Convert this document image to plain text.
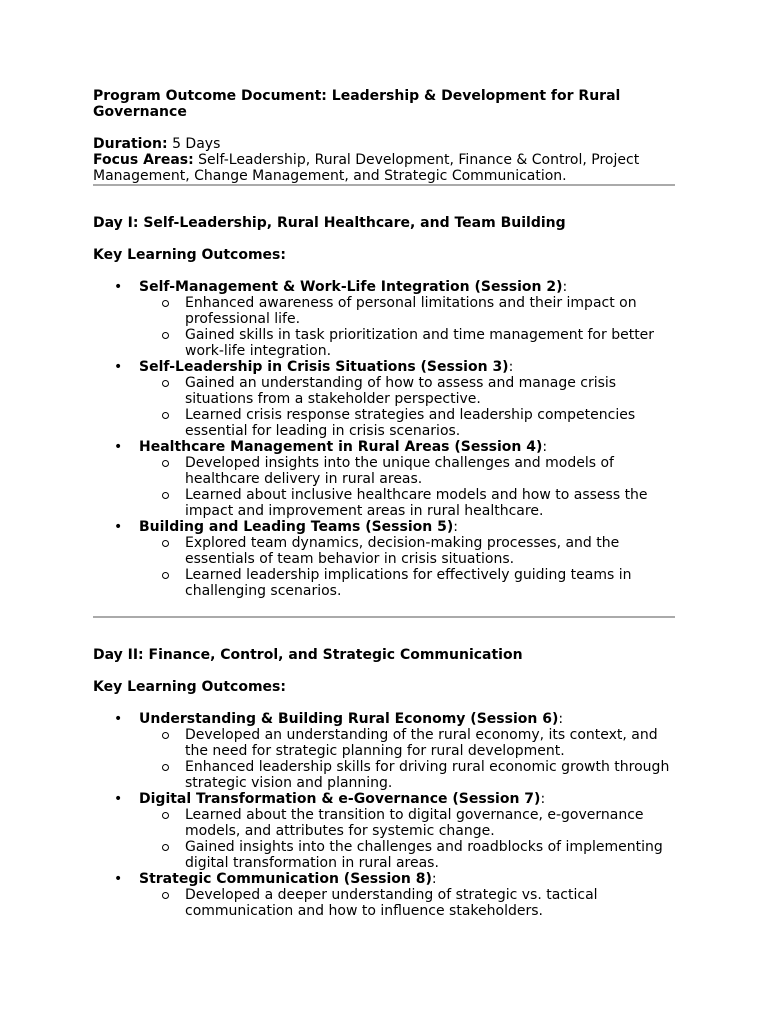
Program Outcome Document: Leadership & Development for Rural Governance

Duration: 5 Days

Focus Areas: Self-Leadership, Rural Development, Finance & Control, Project Management, Change Management, and Strategic Communication.

Day I: Self-Leadership, Rural Healthcare, and Team Building

Key Learning Outcomes:

• Self-Management & Work-Life Integration (Session 2):
Enhanced awareness of personal limitations and their impact on professional life.
Gained skills in task prioritization and time management for better work-life integration.
• Self-Leadership in Crisis Situations (Session 3):
Gained an understanding of how to assess and manage crisis situations from a stakeholder perspective.
Learned crisis response strategies and leadership competencies essential for leading in crisis scenarios.
• Healthcare Management in Rural Areas (Session 4):
Developed insights into the unique challenges and models of healthcare delivery in rural areas.
Learned about inclusive healthcare models and how to assess the impact and improvement areas in rural healthcare.
• Building and Leading Teams (Session 5):
Explored team dynamics, decision-making processes, and the essentials of team behavior in crisis situations.
Learned leadership implications for effectively guiding teams in challenging scenarios.

Day II: Finance, Control, and Strategic Communication

Key Learning Outcomes:

• Understanding & Building Rural Economy (Session 6):
Developed an understanding of the rural economy, its context, and the need for strategic planning for rural development.
Enhanced leadership skills for driving rural economic growth through strategic vision and planning.
• Digital Transformation & e-Governance (Session 7):
Learned about the transition to digital governance, e-governance models, and attributes for systemic change.
Gained insights into the challenges and roadblocks of implementing digital transformation in rural areas.
• Strategic Communication (Session 8):
Developed a deeper understanding of strategic vs. tactical communication and how to influence stakeholders.
